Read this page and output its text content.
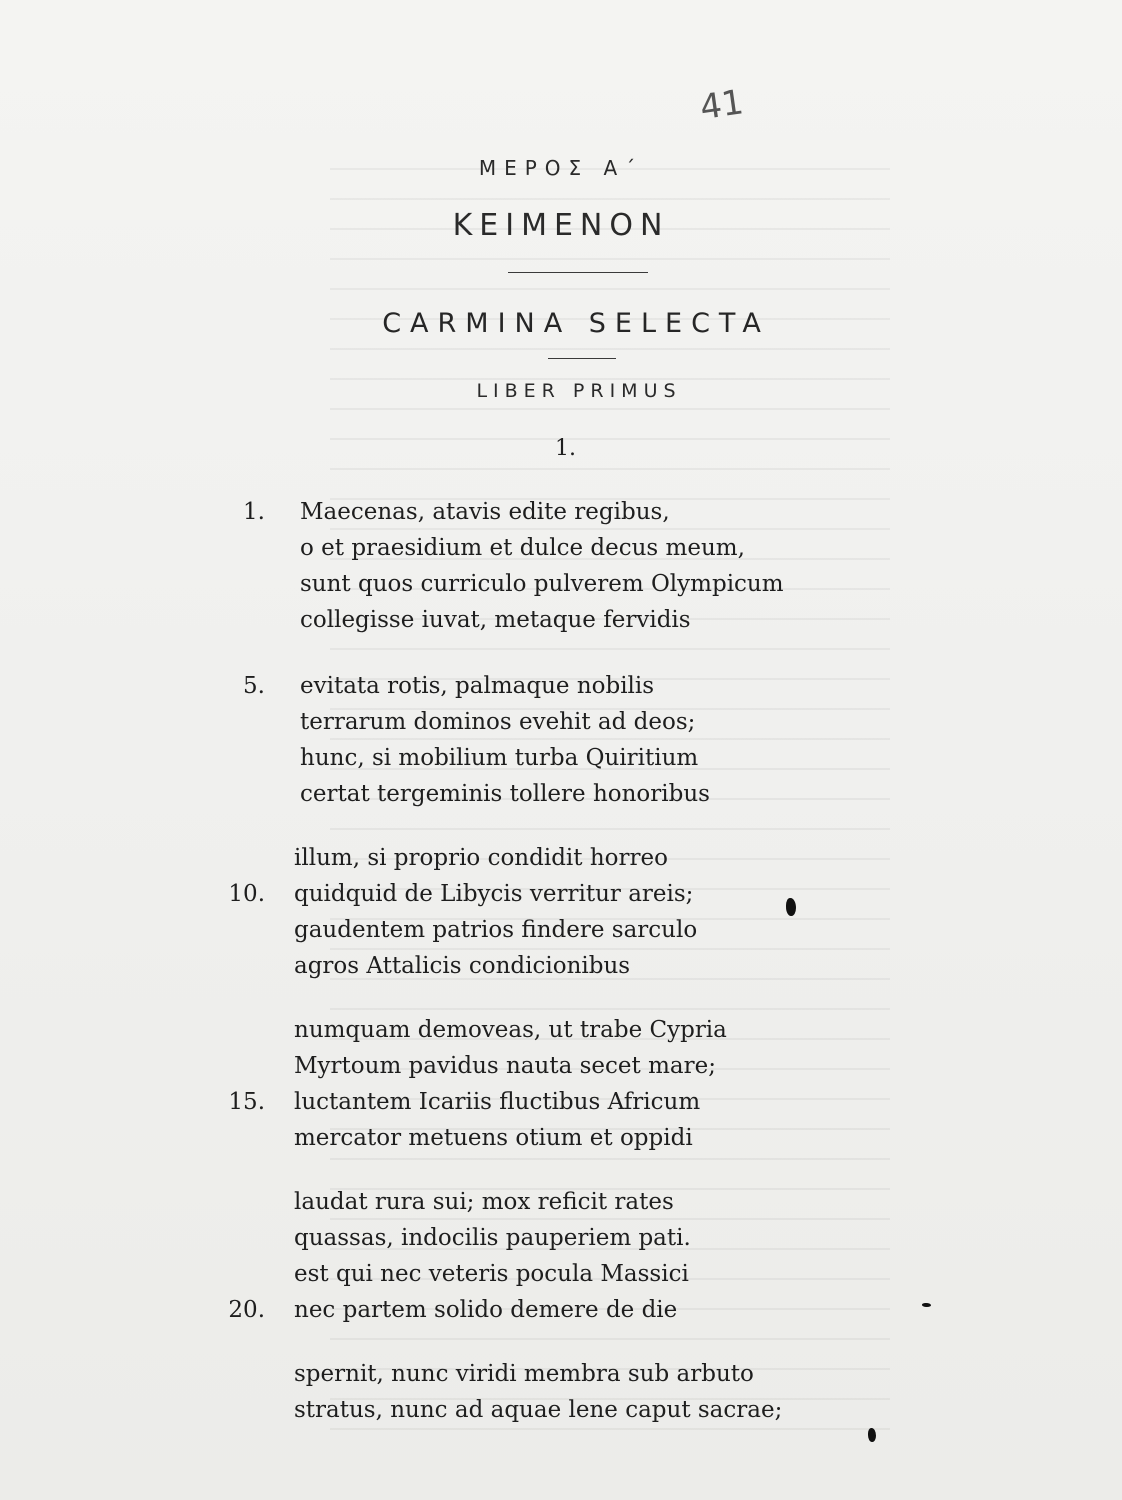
41
ΜΕΡΟΣ Α΄
ΚΕΙΜΕΝΟΝ
CARMINA SELECTA
LIBER PRIMUS
1.
1. Maecenas, atavis edite regibus,
o et praesidium et dulce decus meum,
sunt quos curriculo pulverem Olympicum
collegisse iuvat, metaque fervidis
5. evitata rotis, palmaque nobilis
terrarum dominos evehit ad deos;
hunc, si mobilium turba Quiritium
certat tergeminis tollere honoribus
illum, si proprio condidit horreo
10. quidquid de Libycis verritur areis;
gaudentem patrios findere sarculo
agros Attalicis condicionibus
numquam demoveas, ut trabe Cypria
Myrtoum pavidus nauta secet mare;
15. luctantem Icariis fluctibus Africum
mercator metuens otium et oppidi
laudat rura sui; mox reficit rates
quassas, indocilis pauperiem pati.
est qui nec veteris pocula Massici
20. nec partem solido demere de die
spernit, nunc viridi membra sub arbuto
stratus, nunc ad aquae lene caput sacrae;
